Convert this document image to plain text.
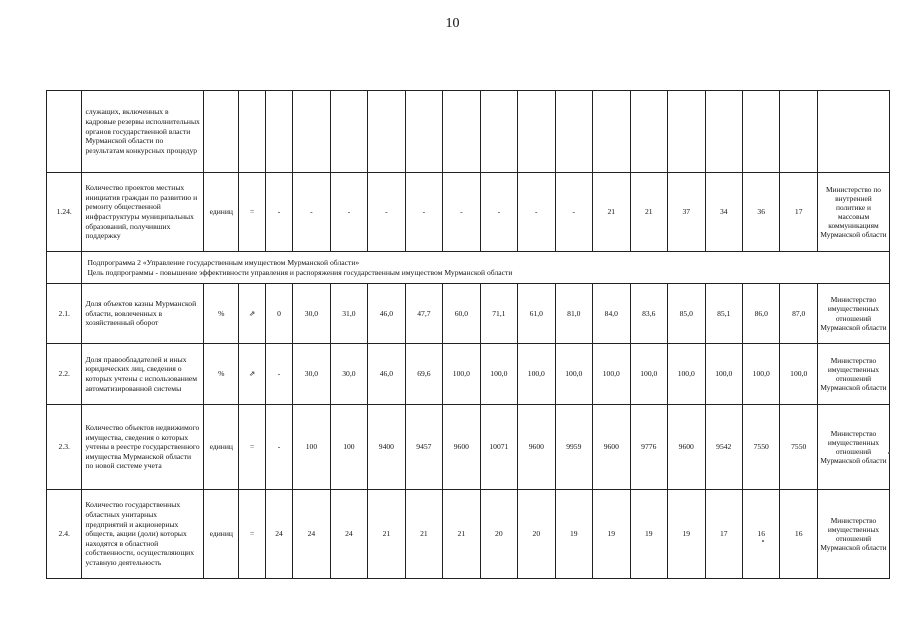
10
	служащих, включенных в кадровые резервы исполнительных органов государственной власти Мурманской области по результатам конкурсных процедур																		
1.24.	Количество проектов местных инициатив граждан по развитию и ремонту общественной инфраструктуры муниципальных образований, получивших поддержку	единиц	=	-	-	-	-	-	-	-	-	-	21	21	37	34	36	17	Министерство по внутренней политике и массовым коммуникациям Мурманской области

	Подпрограмма 2 «Управление государственным имуществом Мурманской области»
Цель подпрограммы - повышение эффективности управления и распоряжения государственным имуществом Мурманской области																		

2.1.	Доля объектов казны Мурманской области, вовлеченных в хозяйственный оборот	%	⇗	0	30,0	31,0	46,0	47,7	60,0	71,1	61,0	81,0	84,0	83,6	85,0	85,1	86,0	87,0	Министерство имущественных отношений Мурманской области
2.2.	Доля правообладателей и иных юридических лиц, сведения о которых учтены с использованием автоматизированной системы	%	⇗	-	30,0	30,0	46,0	69,6	100,0	100,0	100,0	100,0	100,0	100,0	100,0	100,0	100,0	100,0	Министерство имущественных отношений Мурманской области
2.3.	Количество объектов недвижимого имущества, сведения о которых учтены в реестре государственного имущества Мурманской области по новой системе учета	единиц	=	-	100	100	9400	9457	9600	10071	9600	9959	9600	9776	9600	9542	7550	7550	Министерство имущественных отношений Мурманской области
2.4.	Количество государственных областных унитарных предприятий и акционерных обществ, акции (доли) которых находятся в областной собственности, осуществляющих уставную деятельность	единиц	=	24	24	24	21	21	21	20	20	19	19	19	19	17	16	16	Министерство имущественных отношений Мурманской области
